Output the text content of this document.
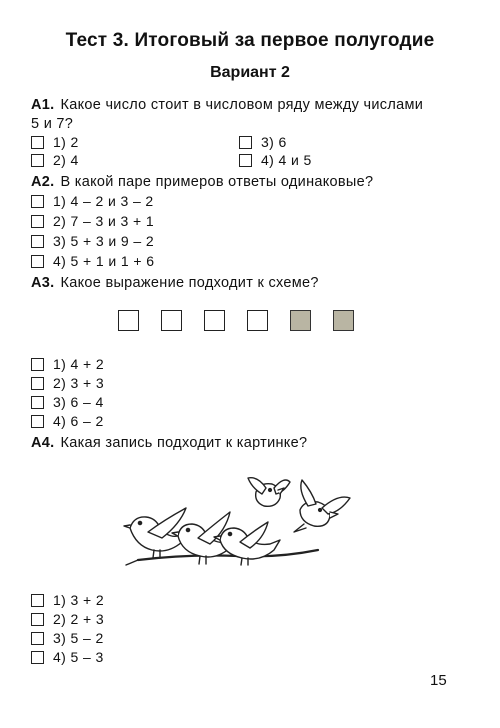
Тест 3. Итоговый за первое полугодие
Вариант 2
А1. Какое число стоит в числовом ряду между числами
5 и 7?
1) 2	3) 6
2) 4	4) 4 и 5
А2. В какой паре примеров ответы одинаковые?
1) 4 – 2 и 3 – 2
2) 7 – 3 и 3 + 1
3) 5 + 3 и 9 – 2
4) 5 + 1 и 1 + 6
А3. Какое выражение подходит к схеме?
1) 4 + 2
2) 3 + 3
3) 6 – 4
4) 6 – 2
А4. Какая запись подходит к картинке?
1) 3 + 2
2) 2 + 3
3) 5 – 2
4) 5 – 3
15
